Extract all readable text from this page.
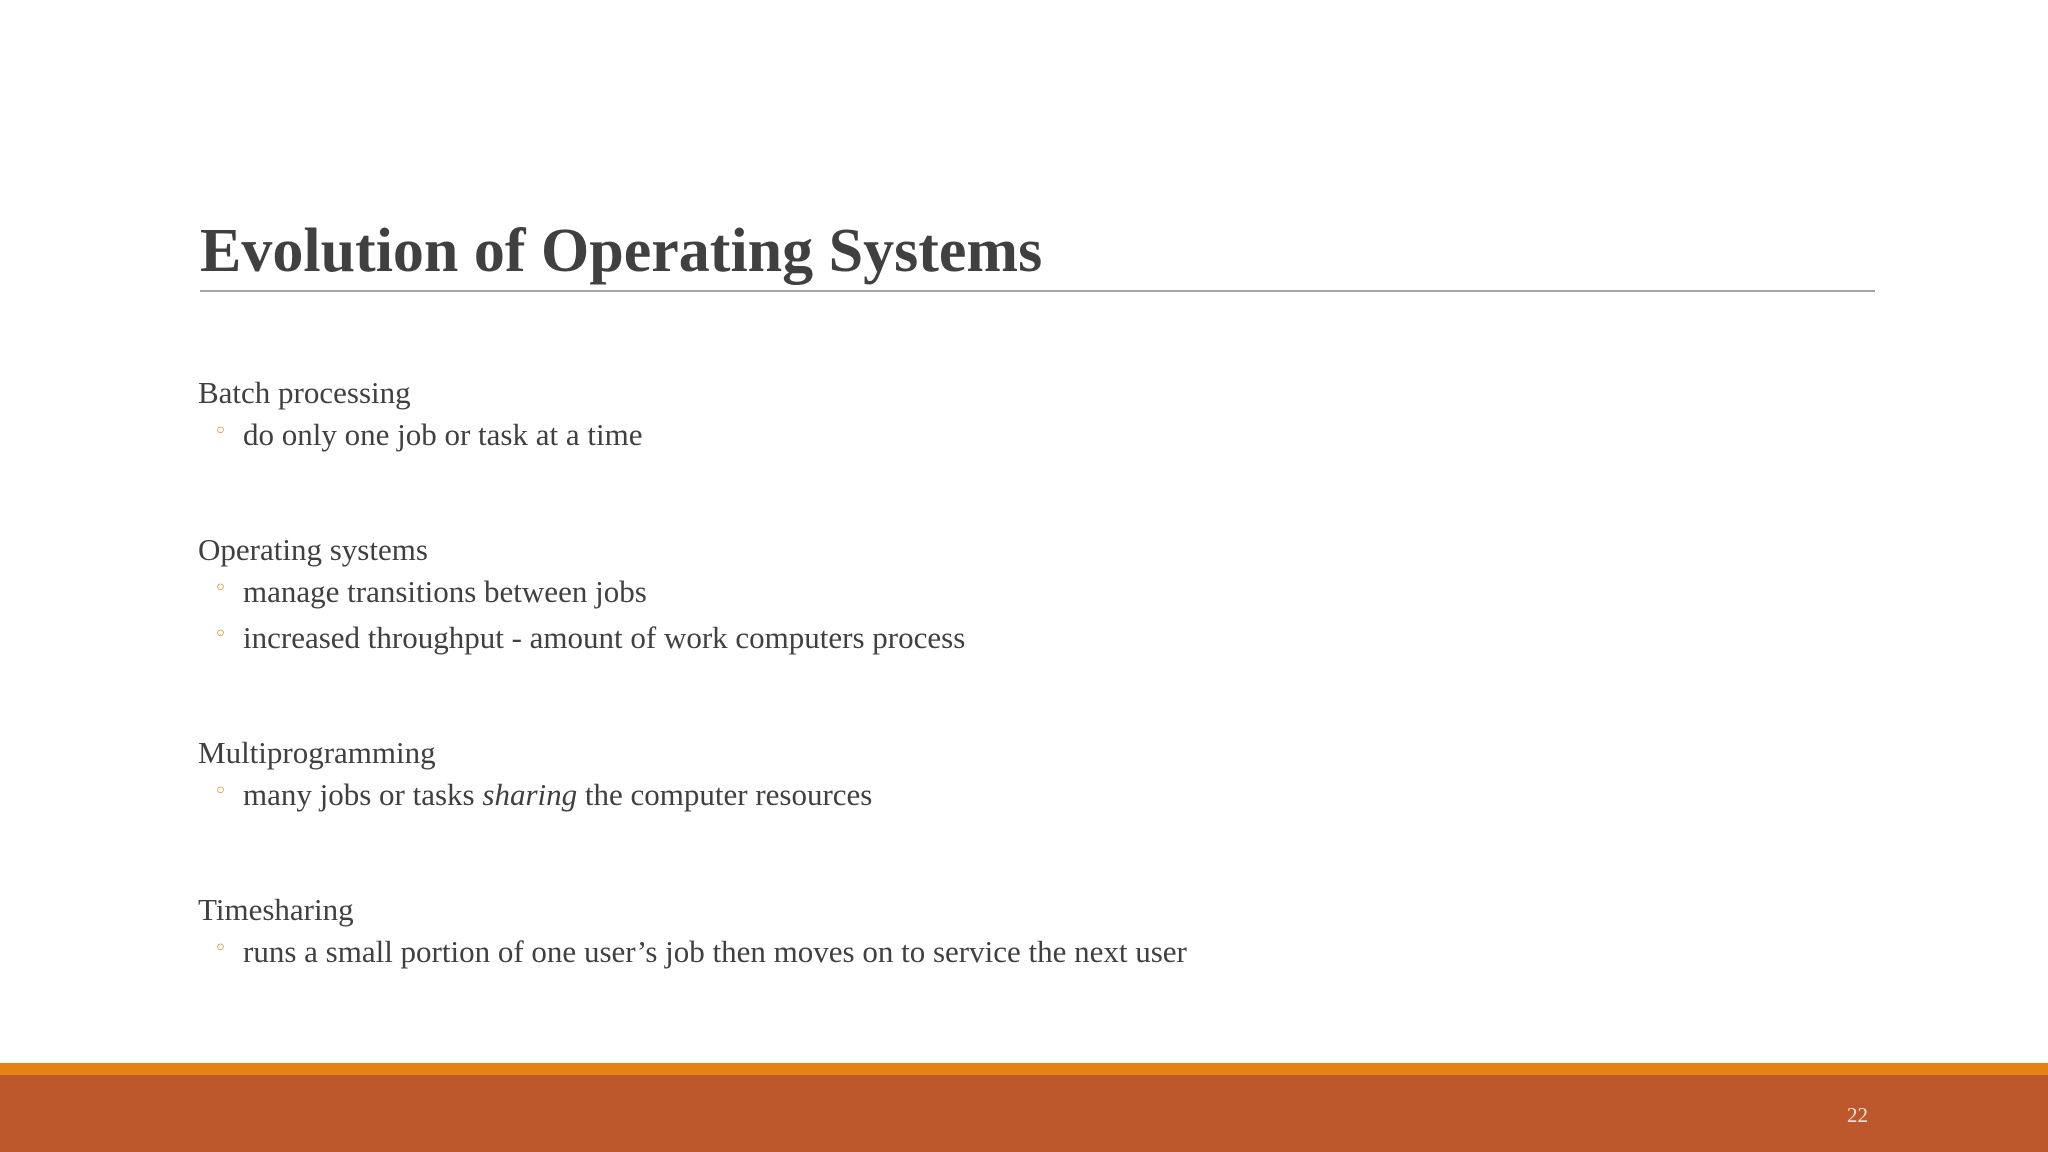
Evolution of Operating Systems
Batch processing
◦ do only one job or task at a time
Operating systems
◦ manage transitions between jobs
◦ increased throughput - amount of work computers process
Multiprogramming
◦ many jobs or tasks sharing the computer resources
Timesharing
◦ runs a small portion of one user’s job then moves on to service the next user
22
